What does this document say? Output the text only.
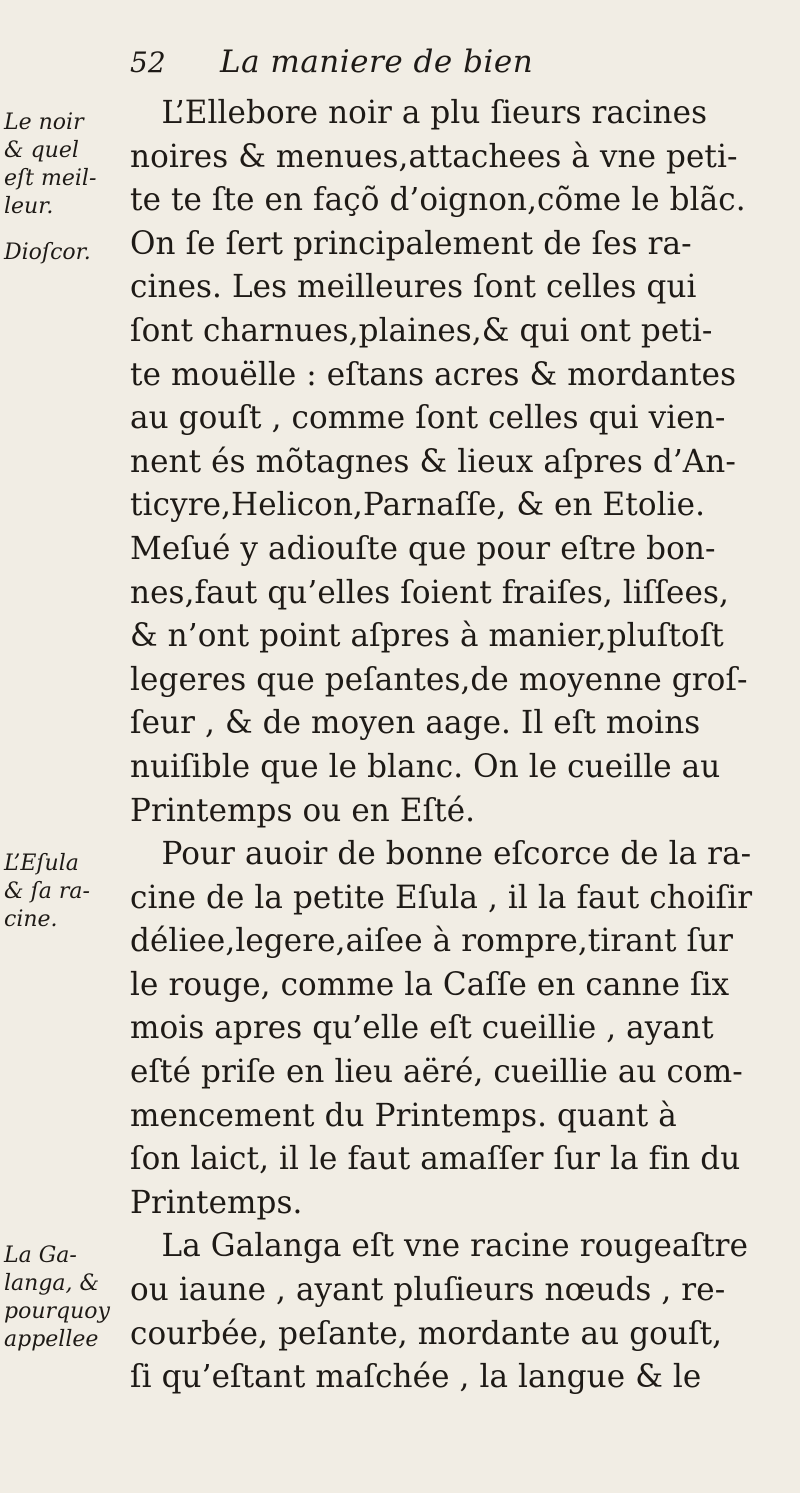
52 La maniere de bien
Le noir
& quel
eſt meil-
leur.
Dioſcor.
L’Eſula
& ſa ra-
cine.
La Ga-
langa, &
pourquoy
appellee
L’Ellebore noir a plu ſieurs racines
noires & menues,attachees à vne peti-
te te ſte en façõ d’oignon,cõme le blãc.
On ſe ſert principalement de ſes ra-
cines. Les meilleures ſont celles qui
ſont charnues,plaines,& qui ont peti-
te mouëlle : eſtans acres & mordantes
au gouſt , comme ſont celles qui vien-
nent és mõtagnes & lieux aſpres d’An-
ticyre,Helicon,Parnaſſe, & en Etolie.
Meſué y adiouſte que pour eſtre bon-
nes,faut qu’elles ſoient fraiſes, liſſees,
& n’ont point aſpres à manier,pluſtoſt
legeres que peſantes,de moyenne groſ-
ſeur , & de moyen aage. Il eſt moins
nuiſible que le blanc. On le cueille au
Printemps ou en Eſté.
Pour auoir de bonne eſcorce de la ra-
cine de la petite Eſula , il la faut choiſir
déliee,legere,aiſee à rompre,tirant ſur
le rouge, comme la Caſſe en canne ſix
mois apres qu’elle eſt cueillie , ayant
eſté priſe en lieu aëré, cueillie au com-
mencement du Printemps. quant à
ſon laict, il le faut amaſſer ſur la fin du
Printemps.
La Galanga eſt vne racine rougeaſtre
ou iaune , ayant pluſieurs nœuds , re-
courbée, peſante, mordante au gouſt,
ſi qu’eſtant maſchée , la langue & le
